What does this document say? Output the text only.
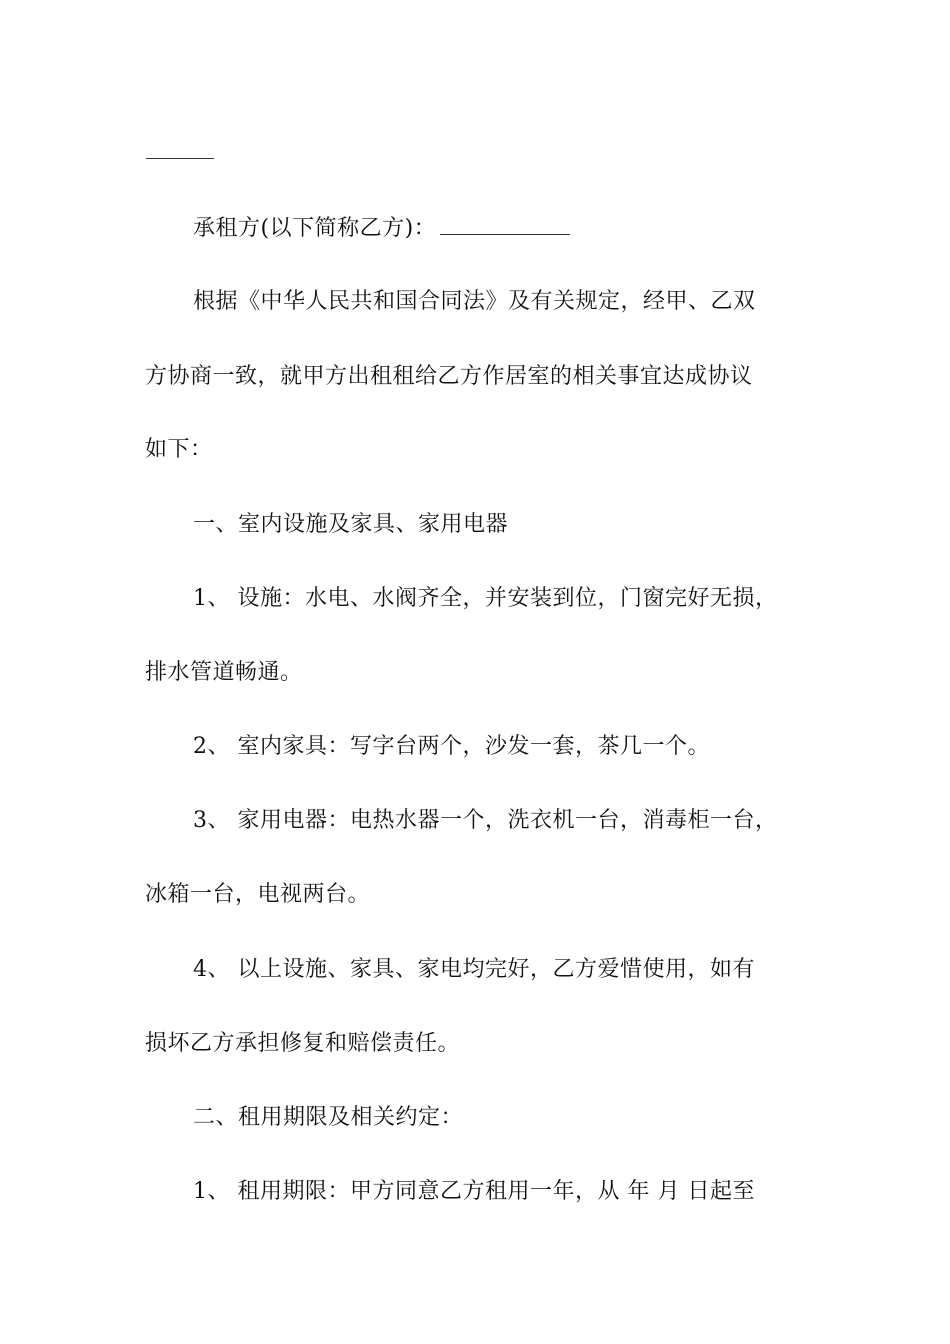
承租方(以下简称乙方)：
根据《中华人民共和国合同法》及有关规定，经甲、乙双
方协商一致，就甲方出租租给乙方作居室的相关事宜达成协议
如下：
一、室内设施及家具、家用电器
1、 设施：水电、水阀齐全，并安装到位，门窗完好无损，
排水管道畅通。
2、 室内家具：写字台两个，沙发一套，茶几一个。
3、 家用电器：电热水器一个，洗衣机一台，消毒柜一台，
冰箱一台，电视两台。
4、 以上设施、家具、家电均完好，乙方爱惜使用，如有
损坏乙方承担修复和赔偿责任。
二、租用期限及相关约定：
1、 租用期限：甲方同意乙方租用一年，从 年 月 日起至
